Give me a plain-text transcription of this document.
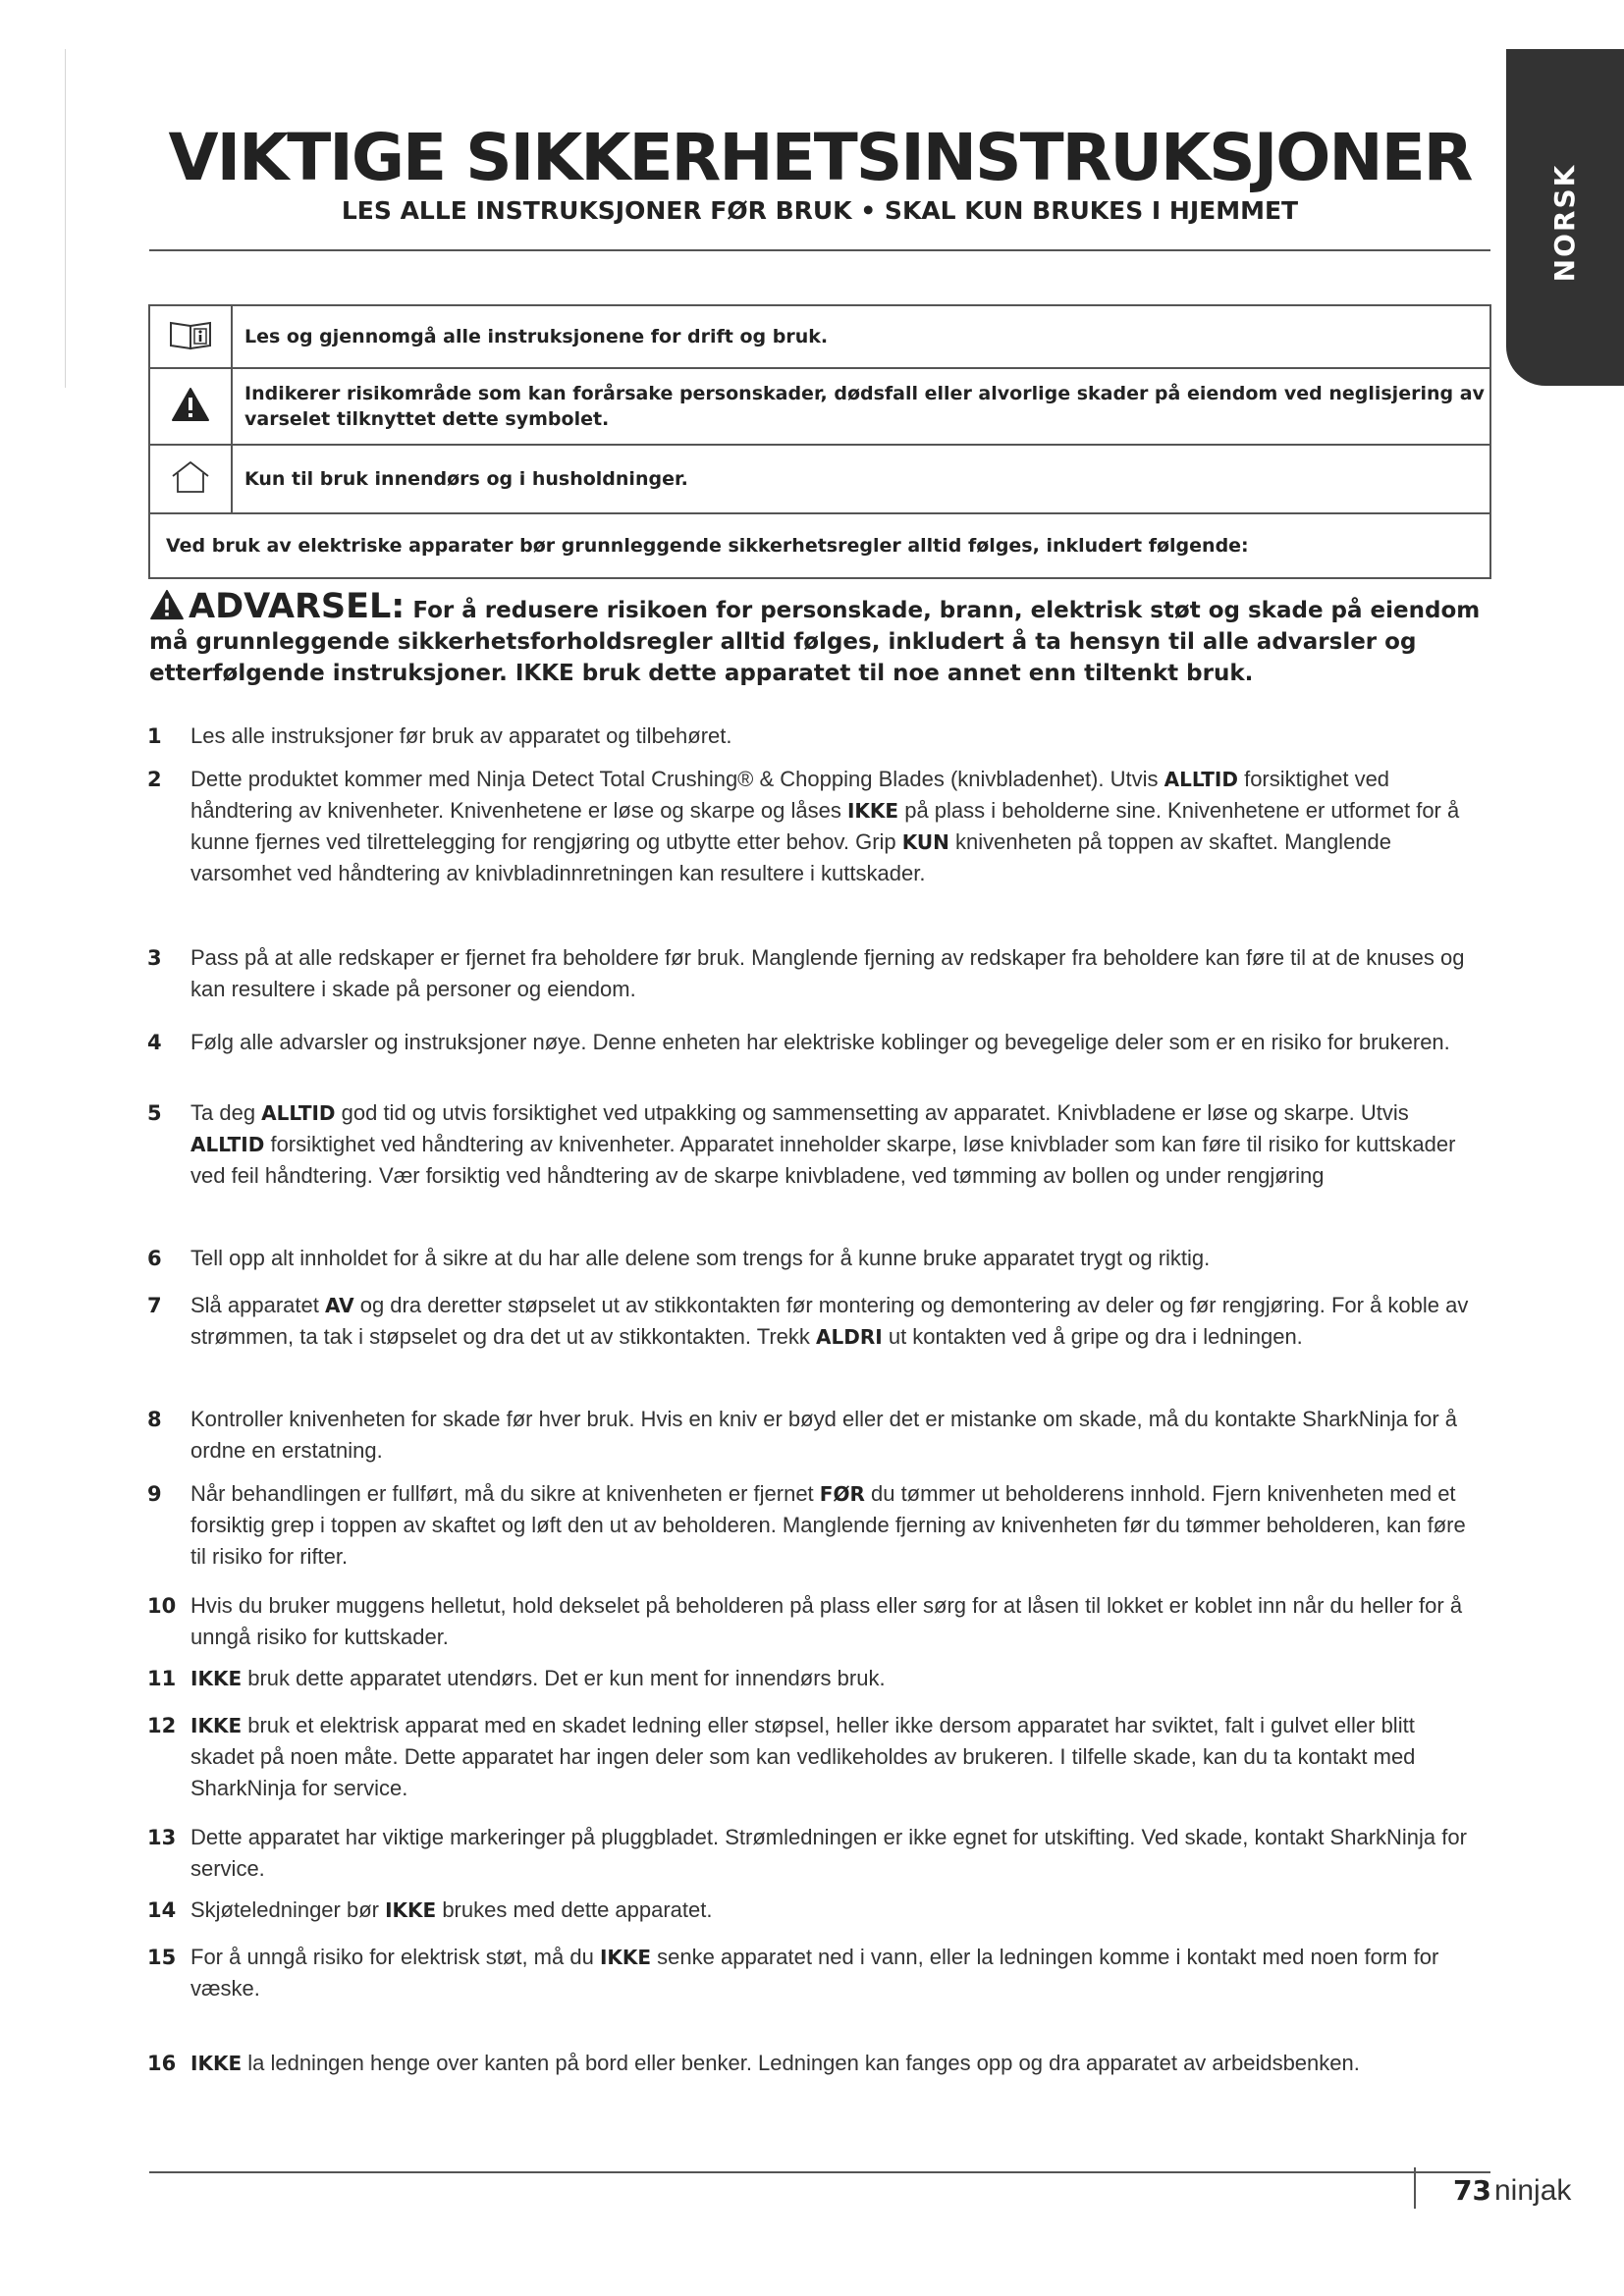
NORSK
VIKTIGE SIKKERHETSINSTRUKSJONER
LES ALLE INSTRUKSJONER FØR BRUK • SKAL KUN BRUKES I HJEMMET
	Les og gjennomgå alle instruksjonene for drift og bruk.
	Indikerer risikområde som kan forårsake personskader, dødsfall eller alvorlige skader på eiendom ved neglisjering av varselet tilknyttet dette symbolet.
	Kun til bruk innendørs og i husholdninger.
Ved bruk av elektriske apparater bør grunnleggende sikkerhetsregler alltid følges, inkludert følgende:	
ADVARSEL: For å redusere risikoen for personskade, brann, elektrisk støt og skade på eiendom må grunnleggende sikkerhetsforholdsregler alltid følges, inkludert å ta hensyn til alle advarsler og etterfølgende instruksjoner. IKKE bruk dette apparatet til noe annet enn tiltenkt bruk.
1 Les alle instruksjoner før bruk av apparatet og tilbehøret.
2 Dette produktet kommer med Ninja Detect Total Crushing® & Chopping Blades (knivbladenhet). Utvis ALLTID forsiktighet ved håndtering av knivenheter. Knivenhetene er løse og skarpe og låses IKKE på plass i beholderne sine. Knivenhetene er utformet for å kunne fjernes ved tilrettelegging for rengjøring og utbytte etter behov. Grip KUN knivenheten på toppen av skaftet. Manglende varsomhet ved håndtering av knivbladinnretningen kan resultere i kuttskader.
3 Pass på at alle redskaper er fjernet fra beholdere før bruk. Manglende fjerning av redskaper fra beholdere kan føre til at de knuses og kan resultere i skade på personer og eiendom.
4 Følg alle advarsler og instruksjoner nøye. Denne enheten har elektriske koblinger og bevegelige deler som er en risiko for brukeren.
5 Ta deg ALLTID god tid og utvis forsiktighet ved utpakking og sammensetting av apparatet. Knivbladene er løse og skarpe. Utvis ALLTID forsiktighet ved håndtering av knivenheter. Apparatet inneholder skarpe, løse knivblader som kan føre til risiko for kuttskader ved feil håndtering. Vær forsiktig ved håndtering av de skarpe knivbladene, ved tømming av bollen og under rengjøring
6 Tell opp alt innholdet for å sikre at du har alle delene som trengs for å kunne bruke apparatet trygt og riktig.
7 Slå apparatet AV og dra deretter støpselet ut av stikkontakten før montering og demontering av deler og før rengjøring. For å koble av strømmen, ta tak i støpselet og dra det ut av stikkontakten. Trekk ALDRI ut kontakten ved å gripe og dra i ledningen.
8 Kontroller knivenheten for skade før hver bruk. Hvis en kniv er bøyd eller det er mistanke om skade, må du kontakte SharkNinja for å ordne en erstatning.
9 Når behandlingen er fullført, må du sikre at knivenheten er fjernet FØR du tømmer ut beholderens innhold. Fjern knivenheten med et forsiktig grep i toppen av skaftet og løft den ut av beholderen. Manglende fjerning av knivenheten før du tømmer beholderen, kan føre til risiko for rifter.
10 Hvis du bruker muggens helletut, hold dekselet på beholderen på plass eller sørg for at låsen til lokket er koblet inn når du heller for å unngå risiko for kuttskader.
11 IKKE bruk dette apparatet utendørs. Det er kun ment for innendørs bruk.
12 IKKE bruk et elektrisk apparat med en skadet ledning eller støpsel, heller ikke dersom apparatet har sviktet, falt i gulvet eller blitt skadet på noen måte. Dette apparatet har ingen deler som kan vedlikeholdes av brukeren. I tilfelle skade, kan du ta kontakt med SharkNinja for service.
13 Dette apparatet har viktige markeringer på pluggbladet. Strømledningen er ikke egnet for utskifting. Ved skade, kontakt SharkNinja for service.
14 Skjøteledninger bør IKKE brukes med dette apparatet.
15 For å unngå risiko for elektrisk støt, må du IKKE senke apparatet ned i vann, eller la ledningen komme i kontakt med noen form for væske.
16 IKKE la ledningen henge over kanten på bord eller benker. Ledningen kan fanges opp og dra apparatet av arbeidsbenken.
73 ninjak
